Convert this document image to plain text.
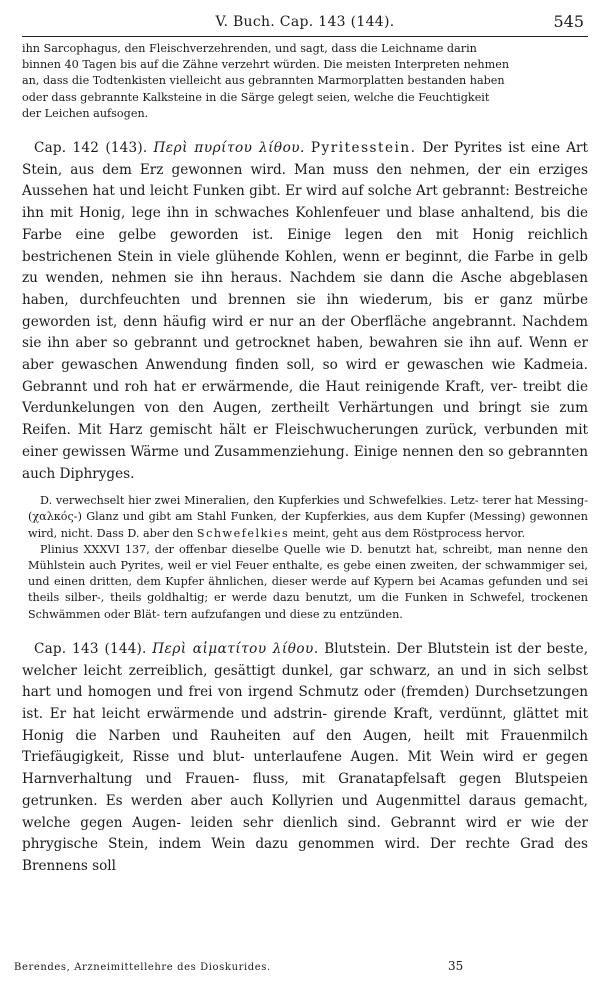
V. Buch. Cap. 143 (144).	545
ihn Sarcophagus, den Fleischverzehrenden, und sagt, dass die Leichname darin
binnen 40 Tagen bis auf die Zähne verzehrt würden. Die meisten Interpreten nehmen
an, dass die Todtenkisten vielleicht aus gebrannten Marmorplatten bestanden haben
oder dass gebrannte Kalksteine in die Särge gelegt seien, welche die Feuchtigkeit
der Leichen aufsogen.

Cap. 142 (143). Περὶ πυρίτου λίθου. Pyritesstein. Der Pyrites ist eine Art Stein, aus dem Erz gewonnen wird. Man muss den nehmen, der ein erziges Aussehen hat und leicht Funken gibt. Er wird auf solche Art gebrannt: Bestreiche ihn mit Honig, lege ihn in schwaches Kohlenfeuer und blase anhaltend, bis die Farbe eine gelbe geworden ist. Einige legen den mit Honig reichlich bestrichenen Stein in viele glühende Kohlen, wenn er beginnt, die Farbe in gelb zu wenden, nehmen sie ihn heraus. Nachdem sie dann die Asche abgeblasen haben, durchfeuchten und brennen sie ihn wiederum, bis er ganz mürbe geworden ist, denn häufig wird er nur an der Oberfläche angebrannt. Nachdem sie ihn aber so gebrannt und getrocknet haben, bewahren sie ihn auf. Wenn er aber gewaschen Anwendung finden soll, so wird er gewaschen wie Kadmeia. Gebrannt und roh hat er erwärmende, die Haut reinigende Kraft, ver- treibt die Verdunkelungen von den Augen, zertheilt Verhärtungen und bringt sie zum Reifen. Mit Harz gemischt hält er Fleischwucherungen zurück, verbunden mit einer gewissen Wärme und Zusammenziehung. Einige nennen den so gebrannten auch Diphryges.

D. verwechselt hier zwei Mineralien, den Kupferkies und Schwefelkies. Letz- terer hat Messing- (χαλκός-) Glanz und gibt am Stahl Funken, der Kupferkies, aus dem Kupfer (Messing) gewonnen wird, nicht. Dass D. aber den Schwefelkies meint, geht aus dem Röstprocess hervor.

Plinius XXXVI 137, der offenbar dieselbe Quelle wie D. benutzt hat, schreibt, man nenne den Mühlstein auch Pyrites, weil er viel Feuer enthalte, es gebe einen zweiten, der schwammiger sei, und einen dritten, dem Kupfer ähnlichen, dieser werde auf Kypern bei Acamas gefunden und sei theils silber-, theils goldhaltig; er werde dazu benutzt, um die Funken in Schwefel, trockenen Schwämmen oder Blät- tern aufzufangen und diese zu entzünden.

Cap. 143 (144). Περὶ αἱματίτου λίθου. Blutstein. Der Blutstein ist der beste, welcher leicht zerreiblich, gesättigt dunkel, gar schwarz, an und in sich selbst hart und homogen und frei von irgend Schmutz oder (fremden) Durchsetzungen ist. Er hat leicht erwärmende und adstrin- girende Kraft, verdünnt, glättet mit Honig die Narben und Rauheiten auf den Augen, heilt mit Frauenmilch Triefäugigkeit, Risse und blut- unterlaufene Augen. Mit Wein wird er gegen Harnverhaltung und Frauen- fluss, mit Granatapfelsaft gegen Blutspeien getrunken. Es werden aber auch Kollyrien und Augenmittel daraus gemacht, welche gegen Augen- leiden sehr dienlich sind. Gebrannt wird er wie der phrygische Stein, indem Wein dazu genommen wird. Der rechte Grad des Brennens soll

Berendes, Arzneimittellehre des Dioskurides.	35
